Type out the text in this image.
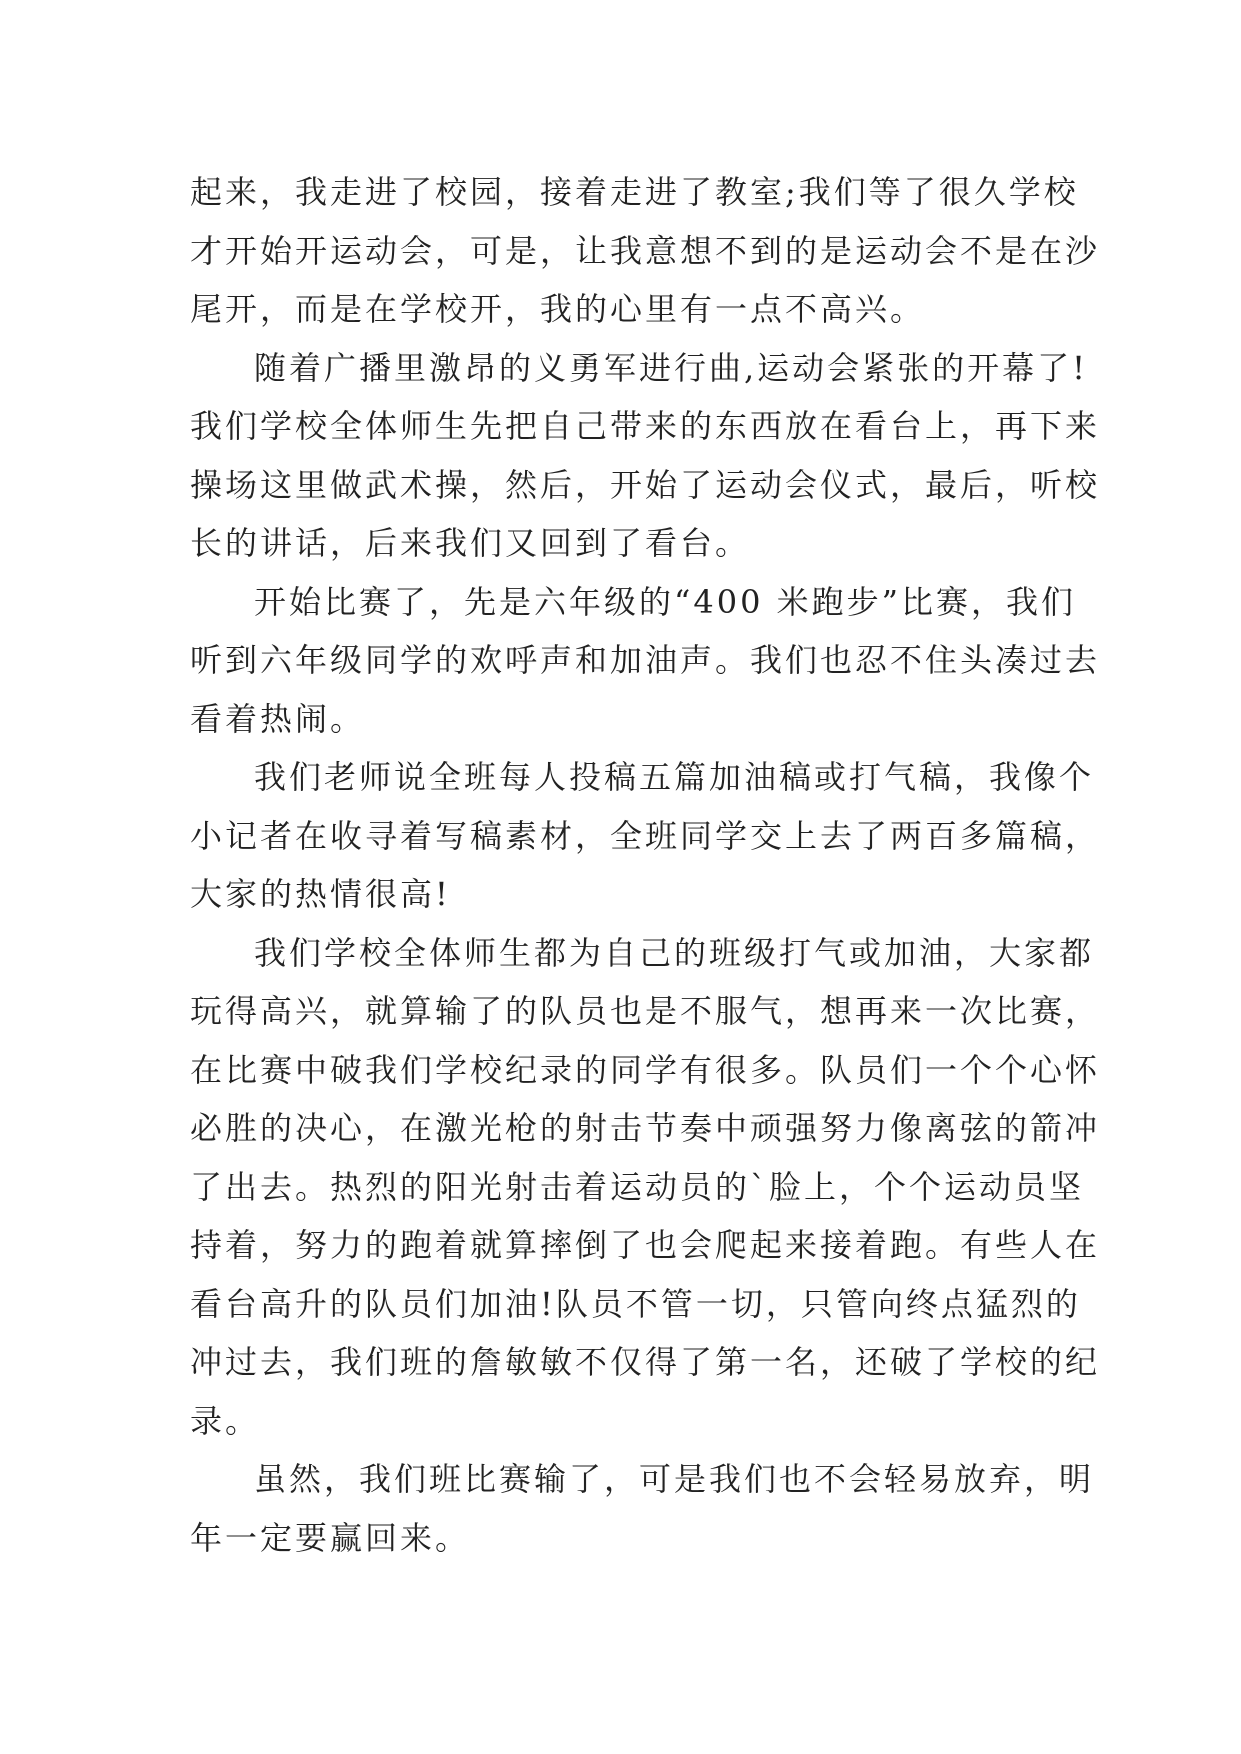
起来，我走进了校园，接着走进了教室;我们等了很久学校
才开始开运动会，可是，让我意想不到的是运动会不是在沙
尾开，而是在学校开，我的心里有一点不高兴。
随着广播里激昂的义勇军进行曲,运动会紧张的开幕了!
我们学校全体师生先把自己带来的东西放在看台上，再下来
操场这里做武术操，然后，开始了运动会仪式，最后，听校
长的讲话，后来我们又回到了看台。
开始比赛了，先是六年级的“400 米跑步”比赛，我们
听到六年级同学的欢呼声和加油声。我们也忍不住头凑过去
看着热闹。
我们老师说全班每人投稿五篇加油稿或打气稿，我像个
小记者在收寻着写稿素材，全班同学交上去了两百多篇稿，
大家的热情很高!
我们学校全体师生都为自己的班级打气或加油，大家都
玩得高兴，就算输了的队员也是不服气，想再来一次比赛，
在比赛中破我们学校纪录的同学有很多。队员们一个个心怀
必胜的决心，在激光枪的射击节奏中顽强努力像离弦的箭冲
了出去。热烈的阳光射击着运动员的`脸上，个个运动员坚
持着，努力的跑着就算摔倒了也会爬起来接着跑。有些人在
看台高升的队员们加油!队员不管一切，只管向终点猛烈的
冲过去，我们班的詹敏敏不仅得了第一名，还破了学校的纪
录。
虽然，我们班比赛输了，可是我们也不会轻易放弃，明
年一定要赢回来。
